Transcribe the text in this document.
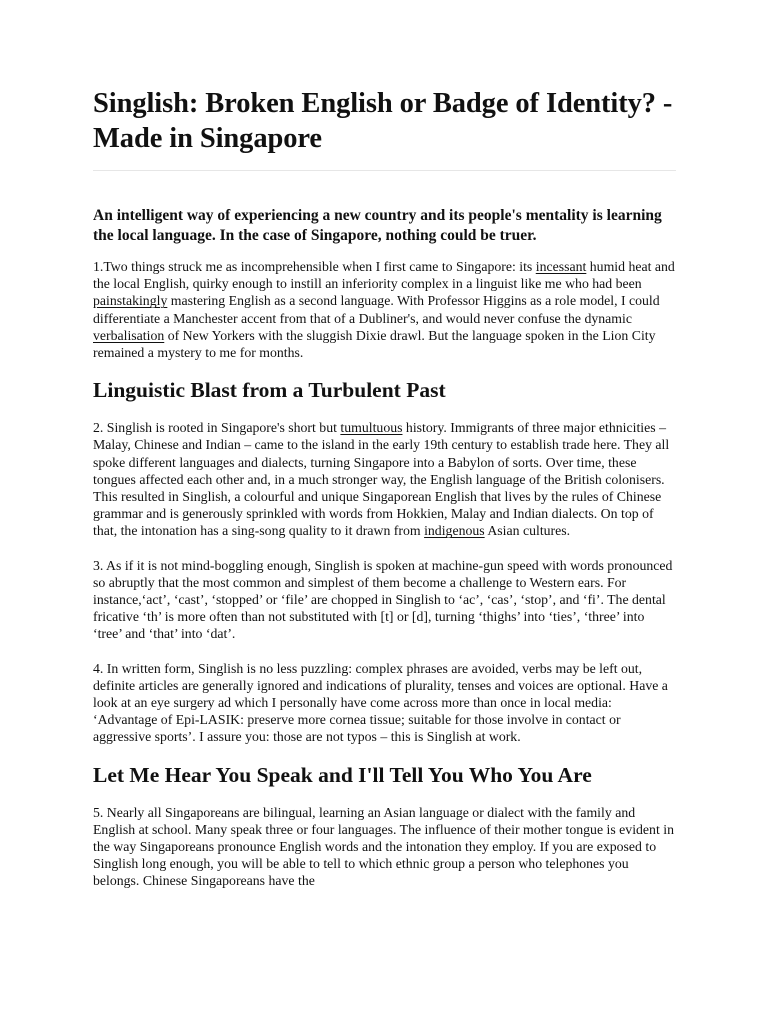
Singlish: Broken English or Badge of Identity? - Made in Singapore

An intelligent way of experiencing a new country and its people's mentality is learning the local language. In the case of Singapore, nothing could be truer.

1.Two things struck me as incomprehensible when I first came to Singapore: its incessant humid heat and the local English, quirky enough to instill an inferiority complex in a linguist like me who had been painstakingly mastering English as a second language. With Professor Higgins as a role model, I could differentiate a Manchester accent from that of a Dubliner's, and would never confuse the dynamic verbalisation of New Yorkers with the sluggish Dixie drawl. But the language spoken in the Lion City remained a mystery to me for months.

Linguistic Blast from a Turbulent Past

2. Singlish is rooted in Singapore's short but tumultuous history. Immigrants of three major ethnicities – Malay, Chinese and Indian – came to the island in the early 19th century to establish trade here. They all spoke different languages and dialects, turning Singapore into a Babylon of sorts. Over time, these tongues affected each other and, in a much stronger way, the English language of the British colonisers. This resulted in Singlish, a colourful and unique Singaporean English that lives by the rules of Chinese grammar and is generously sprinkled with words from Hokkien, Malay and Indian dialects. On top of that, the intonation has a sing-song quality to it drawn from indigenous Asian cultures.

3. As if it is not mind-boggling enough, Singlish is spoken at machine-gun speed with words pronounced so abruptly that the most common and simplest of them become a challenge to Western ears. For instance,‘act’, ‘cast’, ‘stopped’ or ‘file’ are chopped in Singlish to ‘ac’, ‘cas’, ‘stop’, and ‘fi’. The dental fricative ‘th’ is more often than not substituted with [t] or [d], turning ‘thighs’ into ‘ties’, ‘three’ into ‘tree’ and ‘that’ into ‘dat’.

4. In written form, Singlish is no less puzzling: complex phrases are avoided, verbs may be left out, definite articles are generally ignored and indications of plurality, tenses and voices are optional. Have a look at an eye surgery ad which I personally have come across more than once in local media: ‘Advantage of Epi-LASIK: preserve more cornea tissue; suitable for those involve in contact or aggressive sports’. I assure you: those are not typos – this is Singlish at work.

Let Me Hear You Speak and I'll Tell You Who You Are

5. Nearly all Singaporeans are bilingual, learning an Asian language or dialect with the family and English at school. Many speak three or four languages. The influence of their mother tongue is evident in the way Singaporeans pronounce English words and the intonation they employ. If you are exposed to Singlish long enough, you will be able to tell to which ethnic group a person who telephones you belongs. Chinese Singaporeans have the
